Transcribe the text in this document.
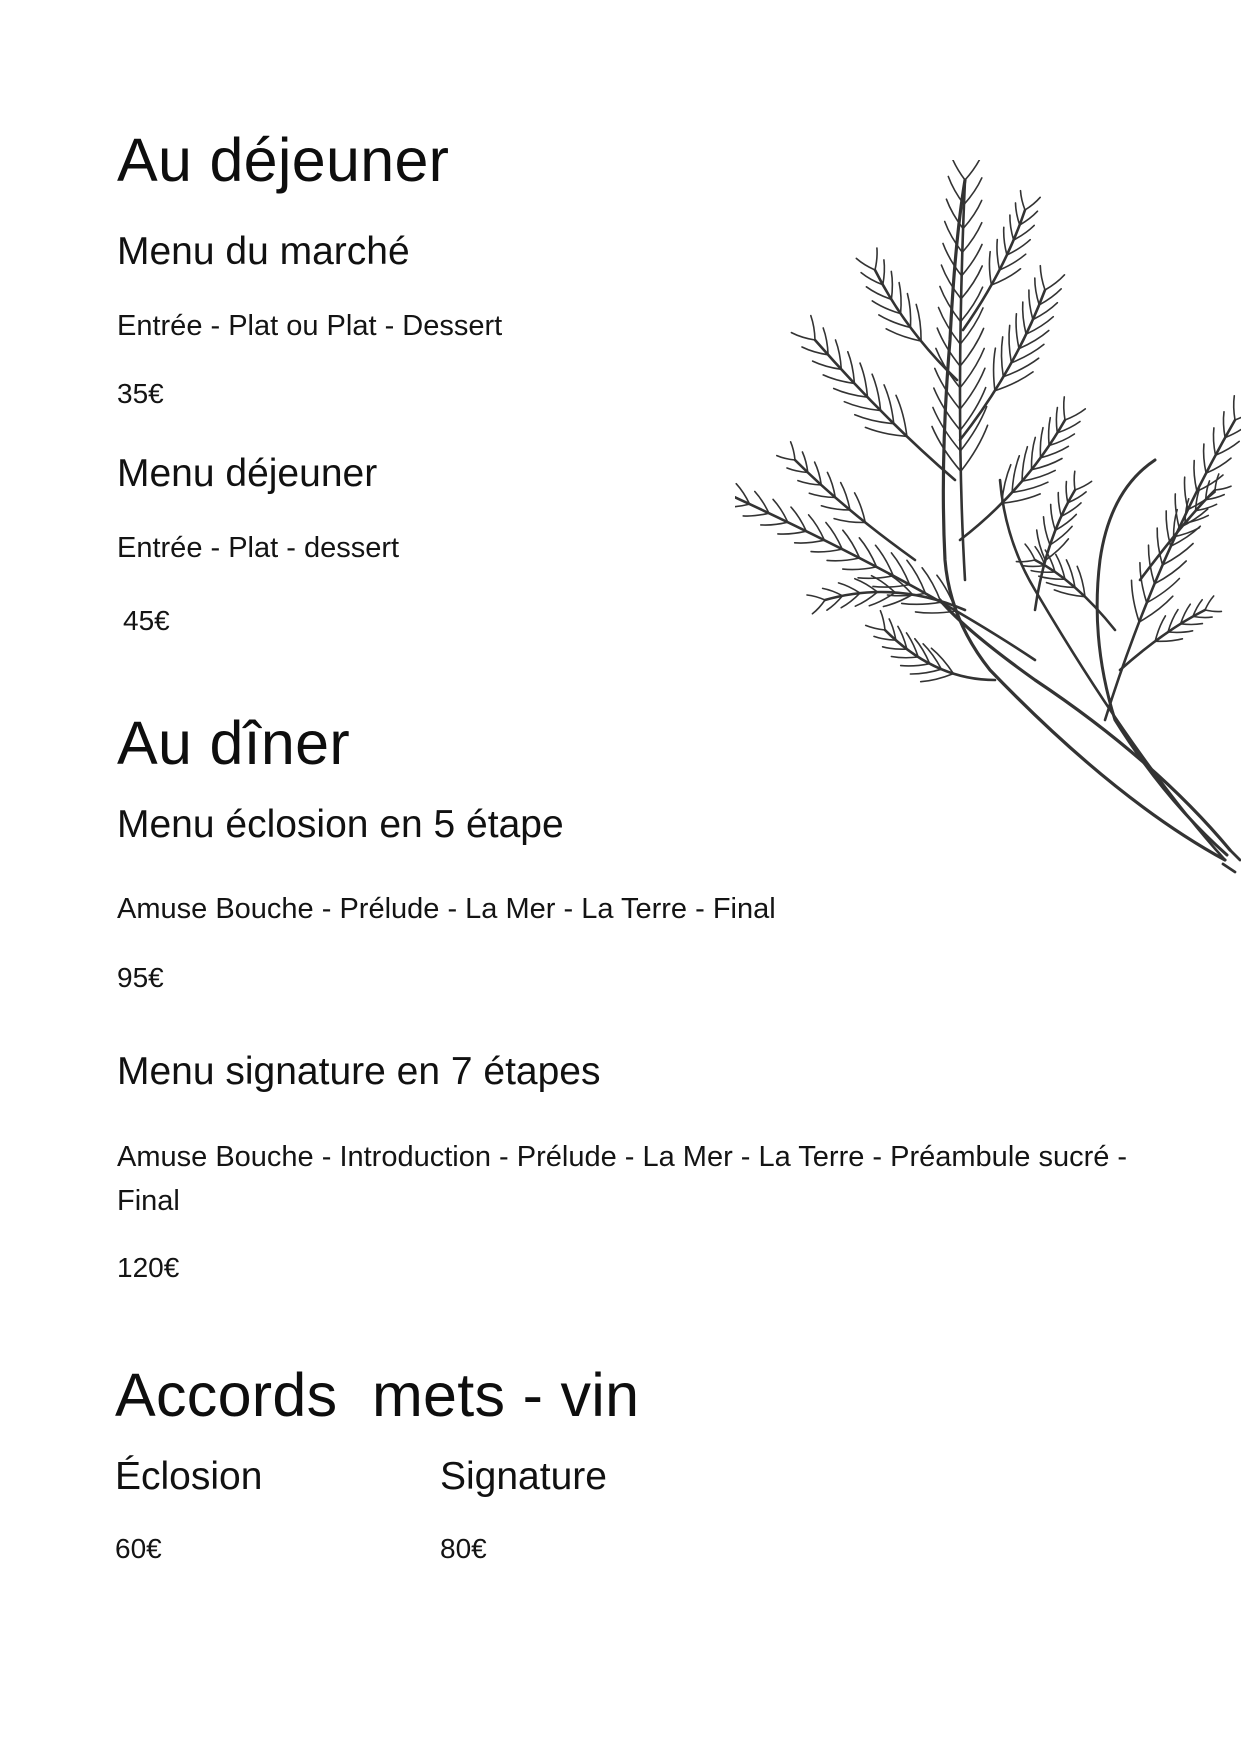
Au déjeuner
Menu du marché
Entrée - Plat ou Plat - Dessert
35€
Menu déjeuner
Entrée - Plat - dessert
45€
Au dîner
Menu éclosion en 5 étape
Amuse Bouche - Prélude - La Mer - La Terre - Final
95€
Menu signature en 7 étapes
Amuse Bouche - Introduction - Prélude - La Mer - La Terre - Préambule sucré - Final
120€
Accords  mets - vin
Éclosion
60€
Signature
80€
